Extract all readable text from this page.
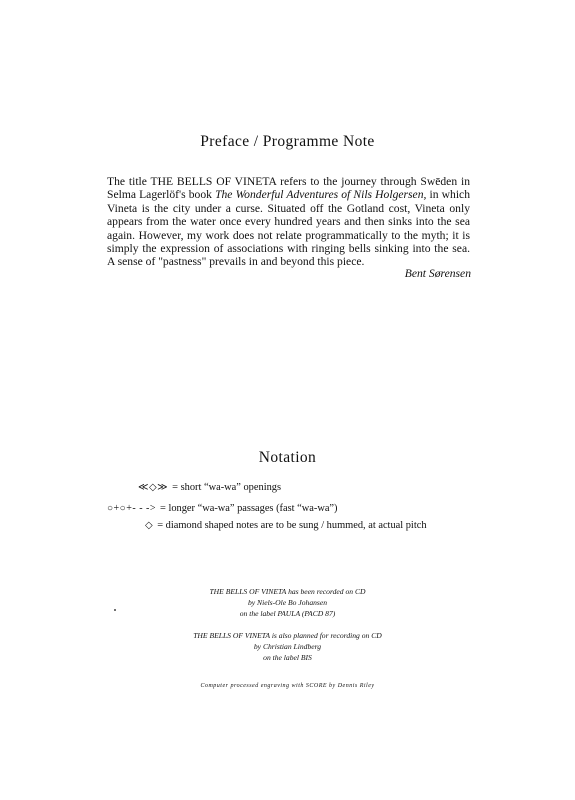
Preface / Programme Note
The title THE BELLS OF VINETA refers to the journey through Swēden in Selma Lagerlöf's book The Wonderful Adventures of Nils Holgersen, in which Vineta is the city under a curse. Situated off the Gotland cost, Vineta only appears from the water once every hundred years and then sinks into the sea again. However, my work does not relate programmatically to the myth; it is simply the expression of associations with ringing bells sinking into the sea. A sense of "pastness" prevails in and beyond this piece.
Bent Sørensen
Notation
≪◇≫ = short “wa-wa” openings
○+○+- - -> = longer “wa-wa” passages (fast “wa-wa”)
◇ = diamond shaped notes are to be sung / hummed, at actual pitch
THE BELLS OF VINETA has been recorded on CD
by Niels-Ole Bo Johansen
on the label PAULA (PACD 87)
THE BELLS OF VINETA is also planned for recording on CD
by Christian Lindberg
on the label BIS
Computer processed engraving with SCORE by Dennis Riley
